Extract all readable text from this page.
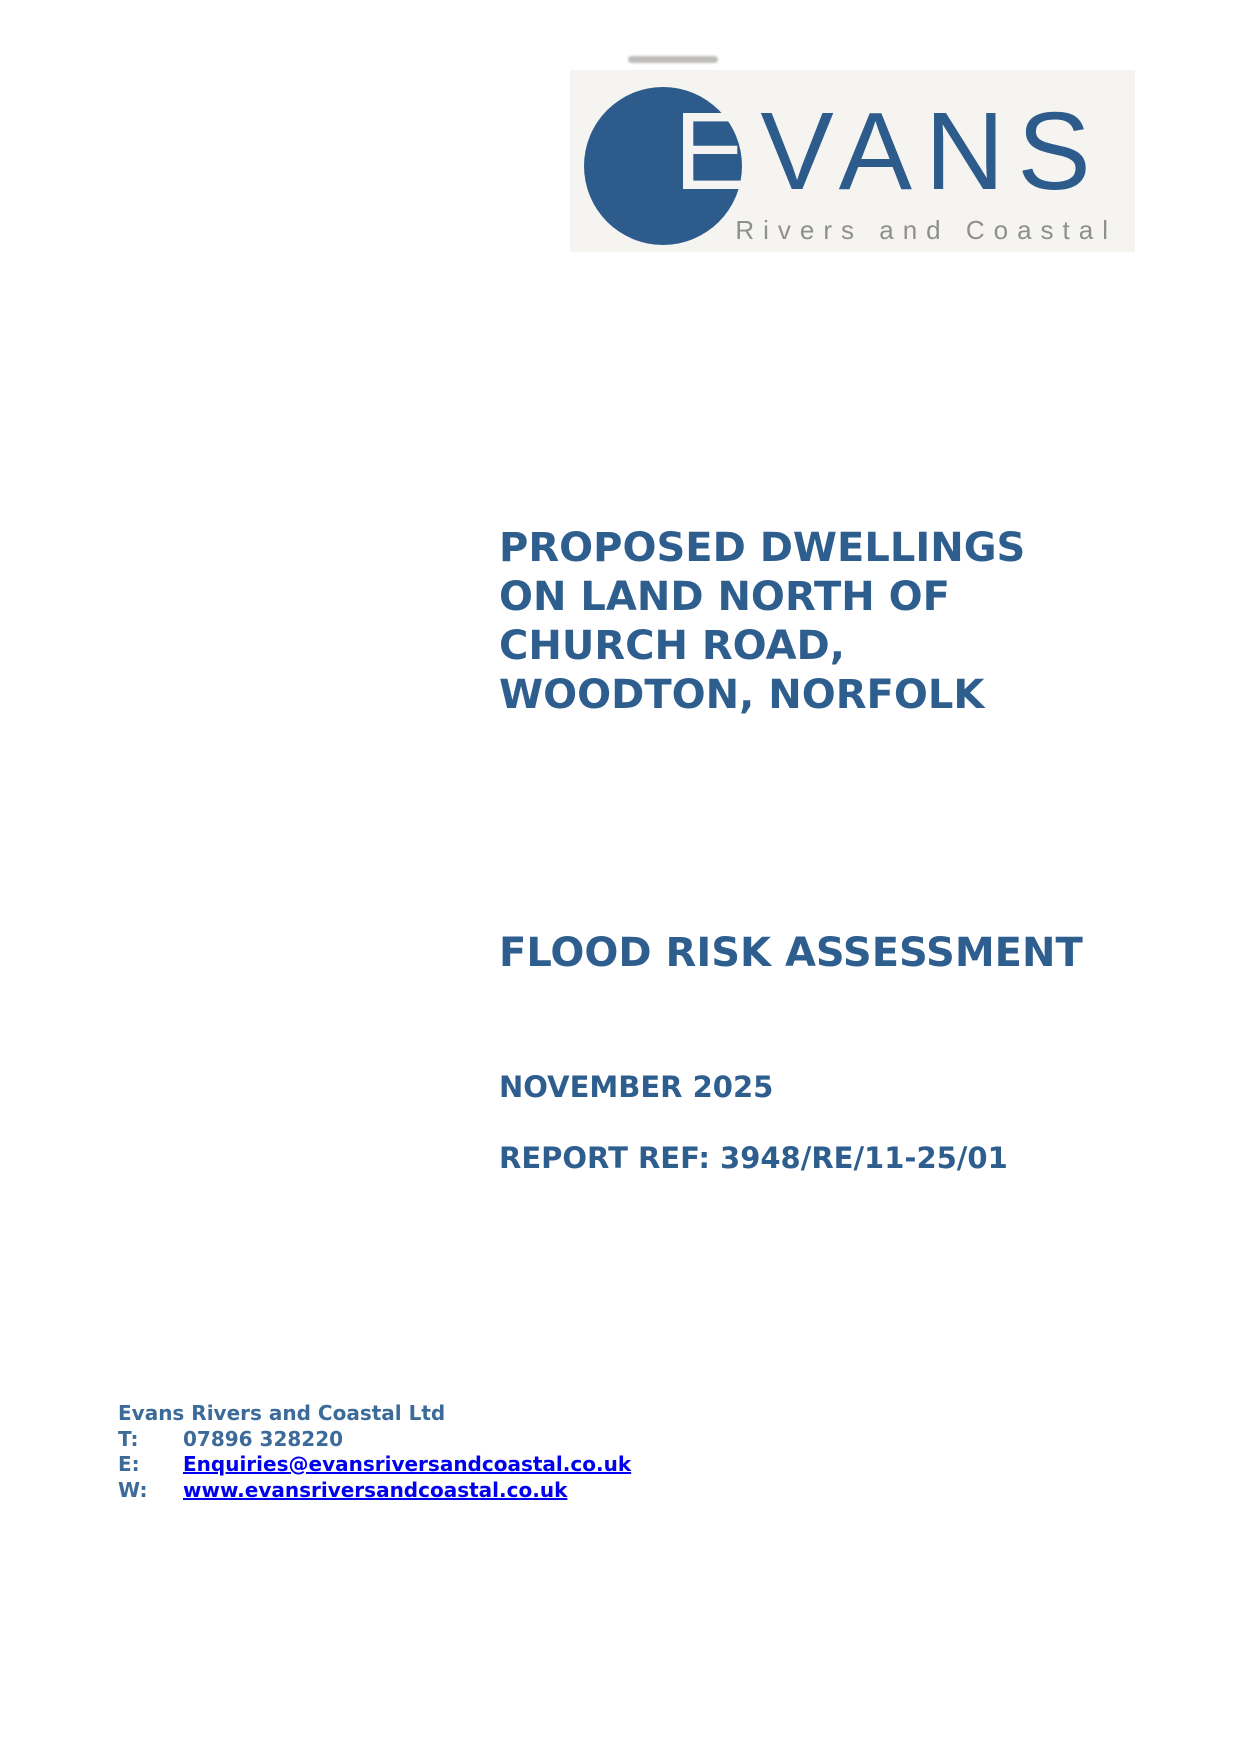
EVANS
Rivers and Coastal
PROPOSED DWELLINGS
ON LAND NORTH OF
CHURCH ROAD,
WOODTON, NORFOLK
FLOOD RISK ASSESSMENT
NOVEMBER 2025
REPORT REF: 3948/RE/11-25/01
Evans Rivers and Coastal Ltd
T:	07896 328220
E:	Enquiries@evansriversandcoastal.co.uk
W:	www.evansriversandcoastal.co.uk
